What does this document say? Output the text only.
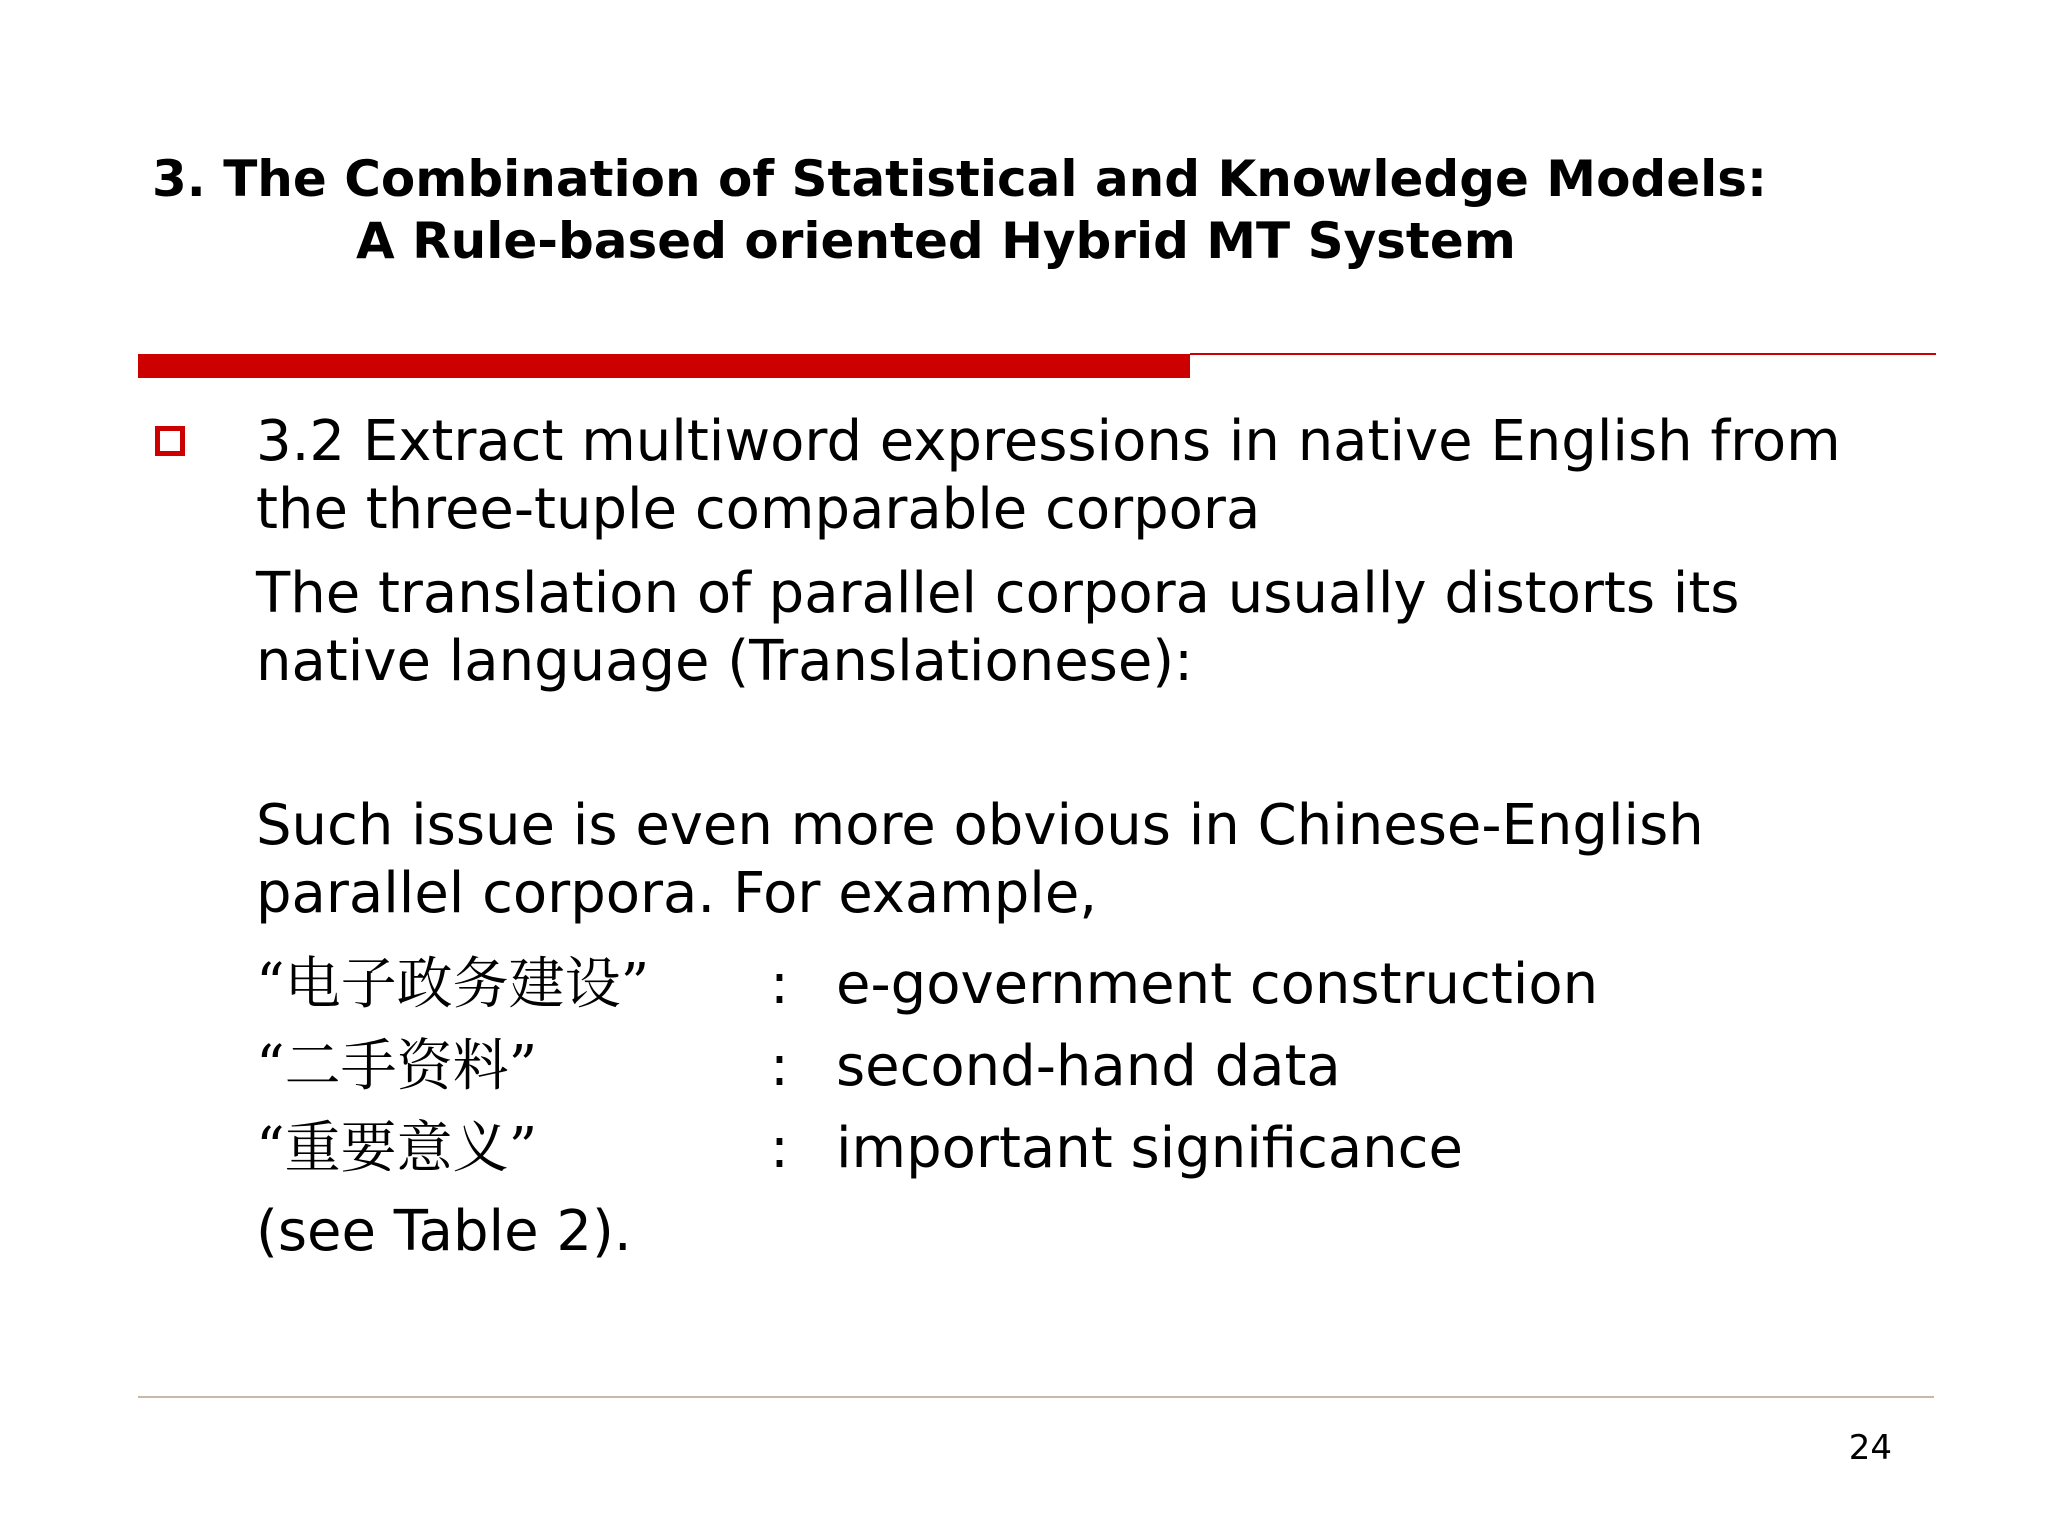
3. The Combination of Statistical and Knowledge Models:
A Rule-based oriented Hybrid MT System
3.2 Extract multiword expressions in native English from
the three-tuple comparable corpora
The translation of parallel corpora usually distorts its
native language (Translationese):
Such issue is even more obvious in Chinese-English
parallel corpora. For example,
“电子政务建设” : e-government construction
“二手资料”	: second-hand data
“重要意义”	: important significance
(see Table 2).
24
